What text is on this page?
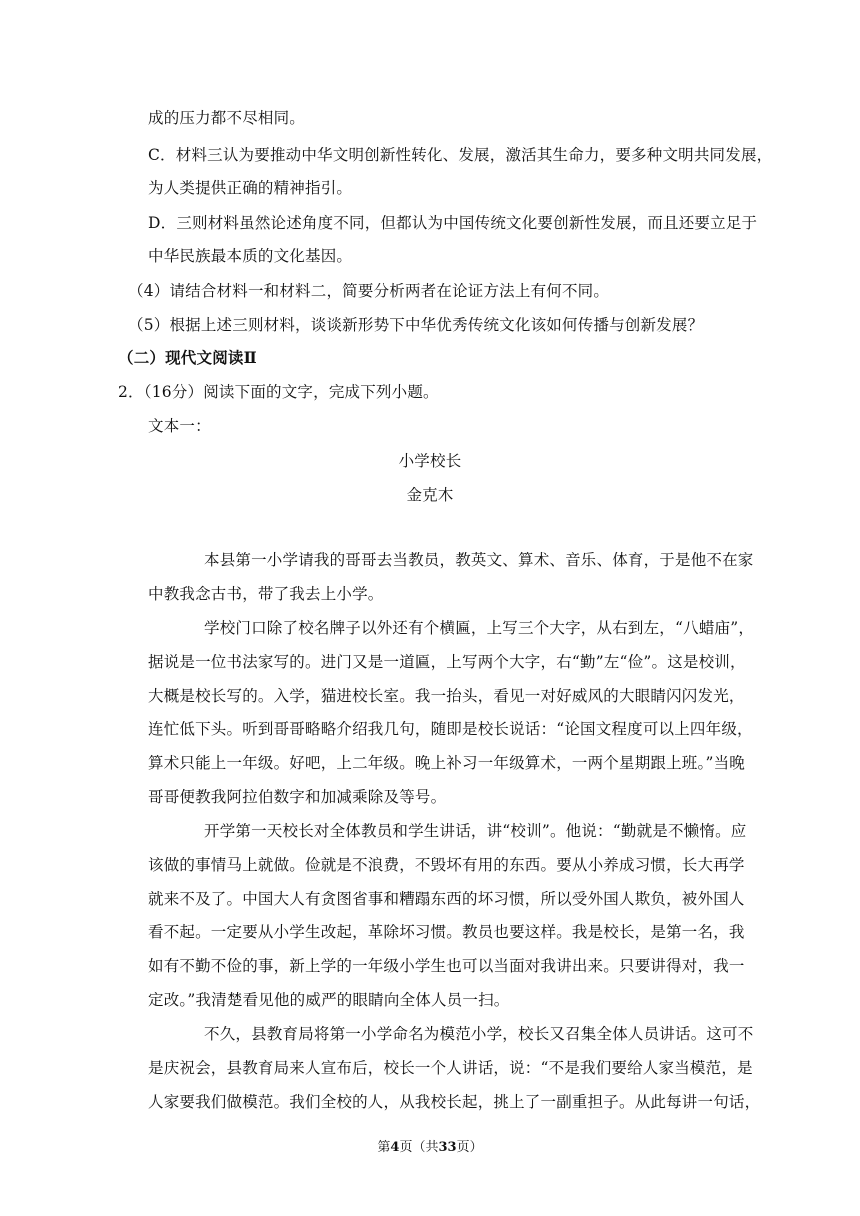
成的压力都不尽相同。
C．材料三认为要推动中华文明创新性转化、发展，激活其生命力，要多种文明共同发展，
为人类提供正确的精神指引。
D．三则材料虽然论述角度不同，但都认为中国传统文化要创新性发展，而且还要立足于
中华民族最本质的文化基因。
（4）请结合材料一和材料二，简要分析两者在论证方法上有何不同。
（5）根据上述三则材料，谈谈新形势下中华优秀传统文化该如何传播与创新发展？
（二）现代文阅读Ⅱ
2．（16分）阅读下面的文字，完成下列小题。
文本一：
小学校长
金克木
本县第一小学请我的哥哥去当教员，教英文、算术、音乐、体育，于是他不在家
中教我念古书，带了我去上小学。
学校门口除了校名牌子以外还有个横匾，上写三个大字，从右到左，“八蜡庙”，
据说是一位书法家写的。进门又是一道匾，上写两个大字，右“勤”左“俭”。这是校训，
大概是校长写的。入学，猫进校长室。我一抬头，看见一对好威风的大眼睛闪闪发光，
连忙低下头。听到哥哥略略介绍我几句，随即是校长说话：“论国文程度可以上四年级，
算术只能上一年级。好吧，上二年级。晚上补习一年级算术，一两个星期跟上班。”当晚
哥哥便教我阿拉伯数字和加减乘除及等号。
开学第一天校长对全体教员和学生讲话，讲“校训”。他说：“勤就是不懒惰。应
该做的事情马上就做。俭就是不浪费，不毁坏有用的东西。要从小养成习惯，长大再学
就来不及了。中国大人有贪图省事和糟蹋东西的坏习惯，所以受外国人欺负，被外国人
看不起。一定要从小学生改起，革除坏习惯。教员也要这样。我是校长，是第一名，我
如有不勤不俭的事，新上学的一年级小学生也可以当面对我讲出来。只要讲得对，我一
定改。”我清楚看见他的威严的眼睛向全体人员一扫。
不久，县教育局将第一小学命名为模范小学，校长又召集全体人员讲话。这可不
是庆祝会，县教育局来人宣布后，校长一个人讲话，说：“不是我们要给人家当模范，是
人家要我们做模范。我们全校的人，从我校长起，挑上了一副重担子。从此每讲一句话，
第4页（共33页）
